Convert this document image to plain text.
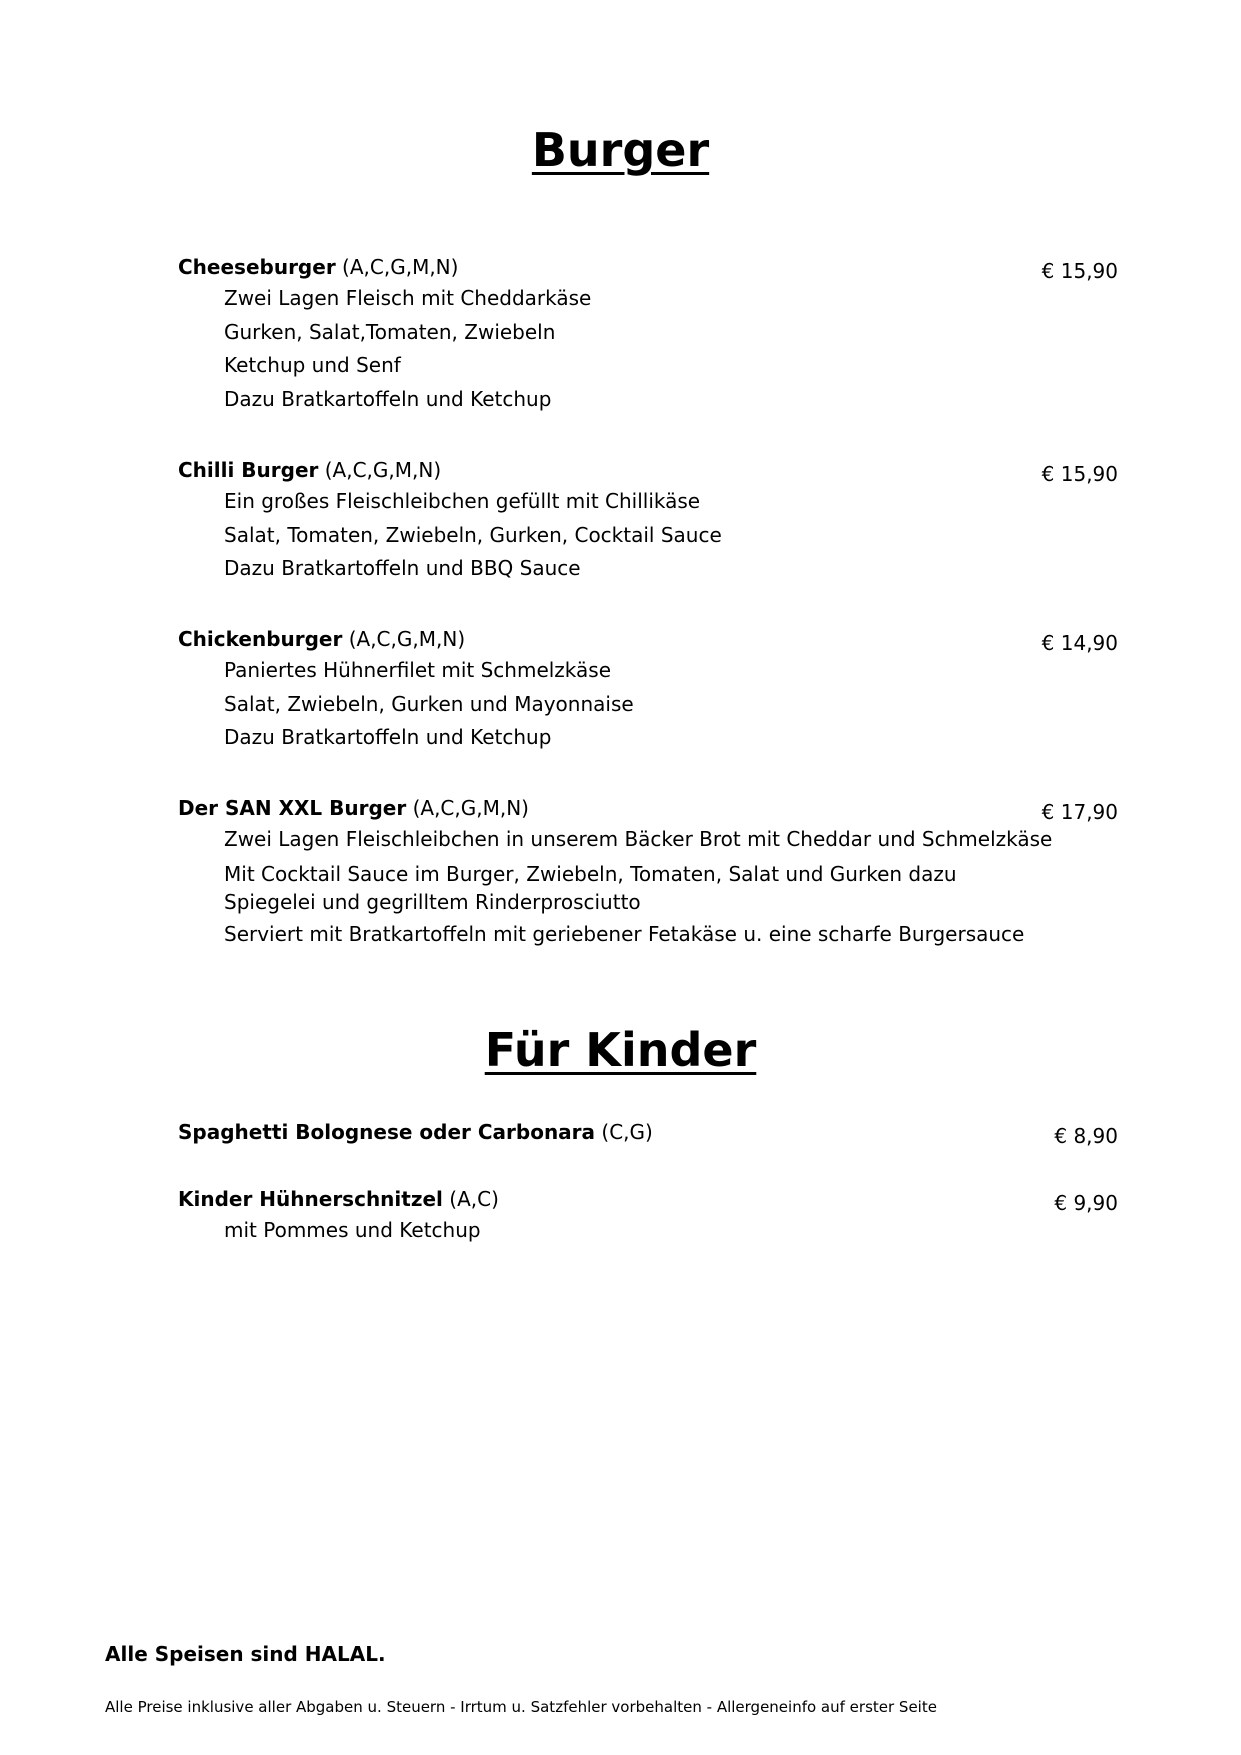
Burger
Cheeseburger (A,C,G,M,N)	€ 15,90
Zwei Lagen Fleisch mit Cheddarkäse
Gurken, Salat,Tomaten, Zwiebeln
Ketchup und Senf
Dazu Bratkartoffeln und Ketchup
Chilli Burger (A,C,G,M,N)	€ 15,90
Ein großes Fleischleibchen gefüllt mit Chillikäse
Salat, Tomaten, Zwiebeln, Gurken, Cocktail Sauce
Dazu Bratkartoffeln und BBQ Sauce
Chickenburger (A,C,G,M,N)	€ 14,90
Paniertes Hühnerfilet mit Schmelzkäse
Salat, Zwiebeln, Gurken und Mayonnaise
Dazu Bratkartoffeln und Ketchup
Der SAN XXL Burger (A,C,G,M,N)	€ 17,90
Zwei Lagen Fleischleibchen in unserem Bäcker Brot mit Cheddar und Schmelzkäse
Mit Cocktail Sauce im Burger, Zwiebeln, Tomaten, Salat und Gurken dazu Spiegelei und gegrilltem Rinderprosciutto
Serviert mit Bratkartoffeln mit geriebener Fetakäse u. eine scharfe Burgersauce
Für Kinder
Spaghetti Bolognese oder Carbonara (C,G)	€ 8,90
Kinder Hühnerschnitzel (A,C)	€ 9,90
mit Pommes und Ketchup
Alle Speisen sind HALAL.
Alle Preise inklusive aller Abgaben u. Steuern - Irrtum u. Satzfehler vorbehalten - Allergeneinfo auf erster Seite
